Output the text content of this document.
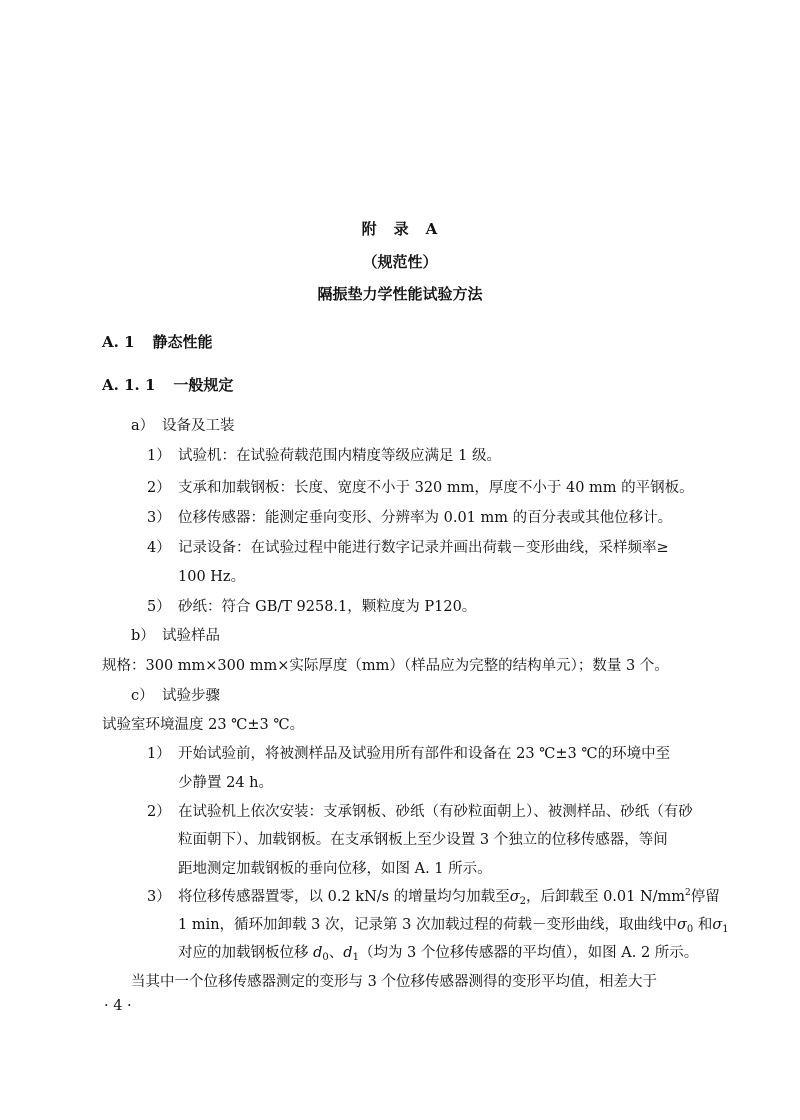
附　录　A
（规范性）
隔振垫力学性能试验方法
A. 1 静态性能
A. 1. 1 一般规定
a） 设备及工装
1） 试验机：在试验荷载范围内精度等级应满足 1 级。
2） 支承和加载钢板：长度、宽度不小于 320 mm，厚度不小于 40 mm 的平钢板。
3） 位移传感器：能测定垂向变形、分辨率为 0.01 mm 的百分表或其他位移计。
4） 记录设备：在试验过程中能进行数字记录并画出荷载－变形曲线，采样频率≥
100 Hz。
5） 砂纸：符合 GB/T 9258.1，颗粒度为 P120。
b） 试验样品
规格：300 mm×300 mm×实际厚度（mm）（样品应为完整的结构单元）；数量 3 个。
c） 试验步骤
试验室环境温度 23 ℃±3 ℃。
1） 开始试验前，将被测样品及试验用所有部件和设备在 23 ℃±3 ℃的环境中至
少静置 24 h。
2） 在试验机上依次安装：支承钢板、砂纸（有砂粒面朝上）、被测样品、砂纸（有砂
粒面朝下）、加载钢板。在支承钢板上至少设置 3 个独立的位移传感器，等间
距地测定加载钢板的垂向位移，如图 A. 1 所示。
3） 将位移传感器置零，以 0.2 kN/s 的增量均匀加载至$\sigma_2$，后卸载至 0.01 $N/mm^2$停留
1 min，循环加卸载 3 次，记录第 3 次加载过程的荷载－变形曲线，取曲线中$\sigma_0$ 和$\sigma_1$
对应的加载钢板位移 $d_0$、$d_1$（均为 3 个位移传感器的平均值），如图 A. 2 所示。
当其中一个位移传感器测定的变形与 3 个位移传感器测得的变形平均值，相差大于
· 4 ·
